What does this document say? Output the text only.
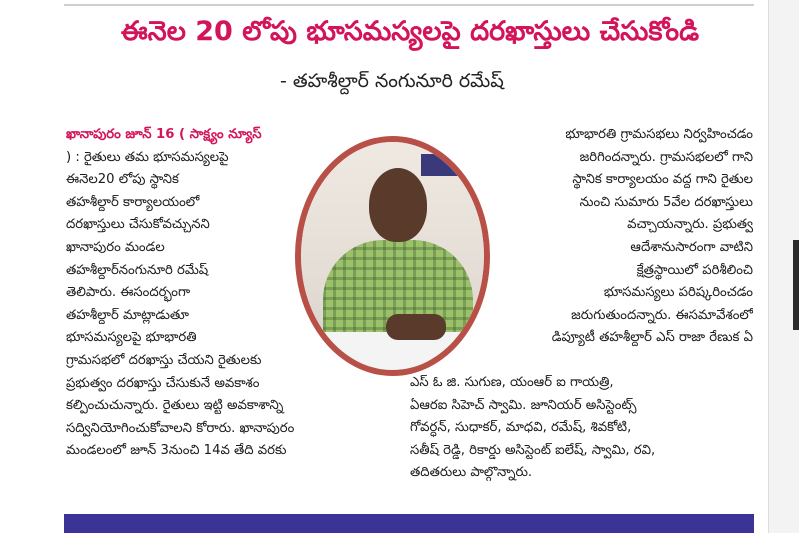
ఈనెల 20 లోపు భూసమస్యలపై దరఖాస్తులు చేసుకోండి
- తహశీల్దార్ నంగునూరి రమేష్
ఖానాపురం జూన్ 16 ( సాక్ష్యం న్యూస్
) : రైతులు తమ భూసమస్యలపై
ఈనెల20 లోపు స్థానిక
తహశీల్దార్ కార్యాలయంలో
దరఖాస్తులు చేసుకోవచ్చునని
ఖానాపురం మండల
తహశీల్దార్‌నంగునూరి రమేష్
తెలిపారు. ఈసందర్భంగా
తహశీల్దార్ మాట్లాడుతూ
భూసమస్యలపై భూభారతి
గ్రామసభలో దరఖాస్తు చేయని రైతులకు
ప్రభుత్వం దరఖాస్తు చేసుకునే అవకాశం
కల్పించుచున్నారు. రైతులు ఇట్టి అవకాశాన్ని
సద్వినియోగించుకోవాలని కోరారు. ఖానాపురం
మండలంలో జూన్ 3నుంచి 14వ తేది వరకు
భూభారతి గ్రామసభలు నిర్వహించడం
జరిగిందన్నారు. గ్రామసభలలో గాని
స్థానిక కార్యాలయం వద్ద గాని రైతుల
నుంచి సుమారు 5వేల దరఖాస్తులు
వచ్చాయన్నారు. ప్రభుత్వ
ఆదేశానుసారంగా వాటిని
క్షేత్రస్థాయిలో పరిశీలించి
భూసమస్యలు పరిష్కరించడం
జరుగుతుందన్నారు. ఈసమావేశంలో
డిప్యూటీ తహశీల్దార్ ఎస్ రాజా రేణుక ఏ
ఎస్ ఓ జి. సుగుణ, యంఆర్ ఐ గాయత్రి,
ఏఆరఐ సిహెచ్ స్వామి. జూనియర్ అసిస్టెంట్స్
గోవర్ధన్, సుధాకర్, మాధవి, రమేష్, శివకోటి,
సతీష్ రెడ్డి, రికార్డు అసిస్టెంట్ ఐలేష్, స్వామి, రవి,
తదితరులు పాల్గొన్నారు.
